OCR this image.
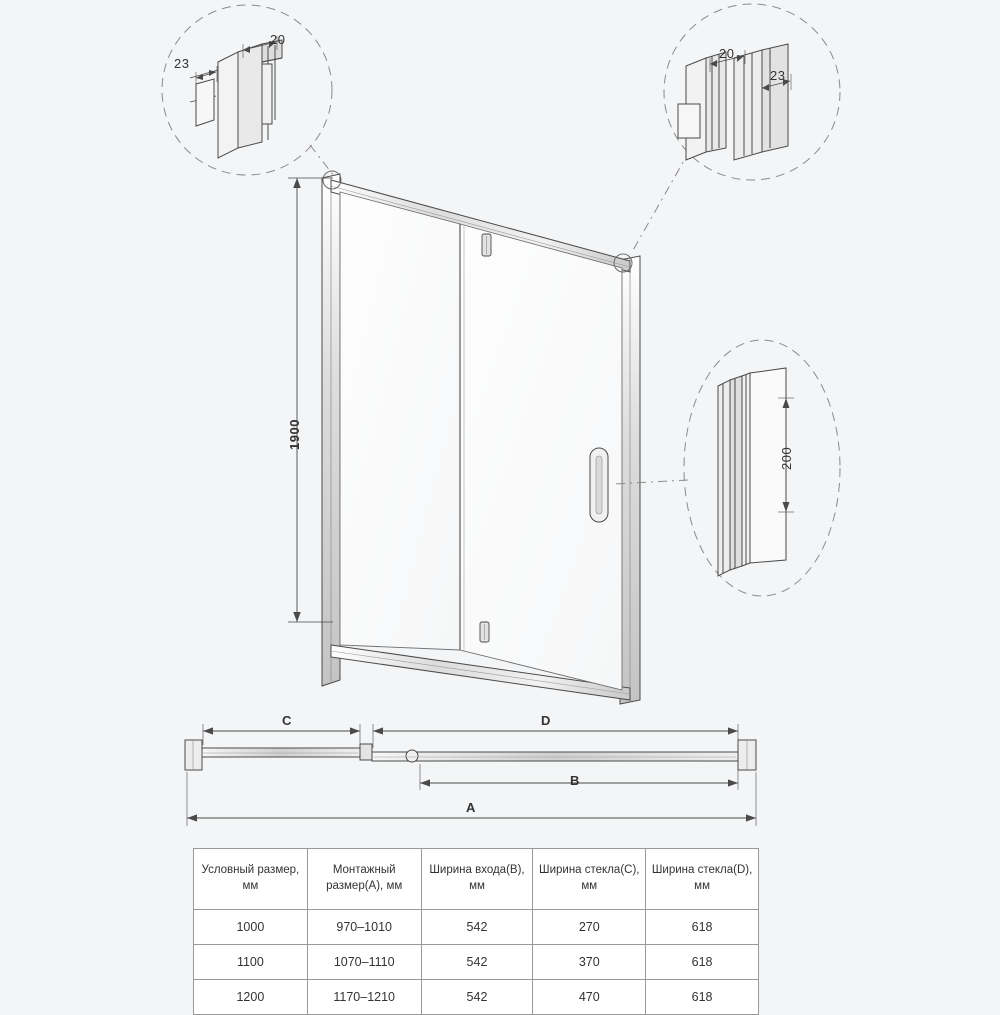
1900
23
20
20
23
200
C	D
B
A
Условный размер, мм	Монтажный размер(A), мм	Ширина входа(B), мм	Ширина стекла(C), мм	Ширина стекла(D), мм
1000	970–1010	542	270	618
1100	1070–1110	542	370	618
1200	1170–1210	542	470	618
